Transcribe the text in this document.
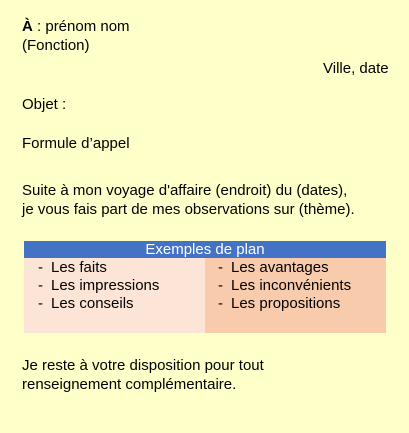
À : prénom nom
(Fonction)
Ville, date
Objet :
Formule d’appel
Suite à mon voyage d'affaire (endroit) du (dates),
je vous fais part de mes observations sur (thème).
Exemples de plan

- Les faits
- Les impressions
- Les conseils

- Les avantages
- Les inconvénients
- Les propositions
Je reste à votre disposition pour tout
renseignement complémentaire.
